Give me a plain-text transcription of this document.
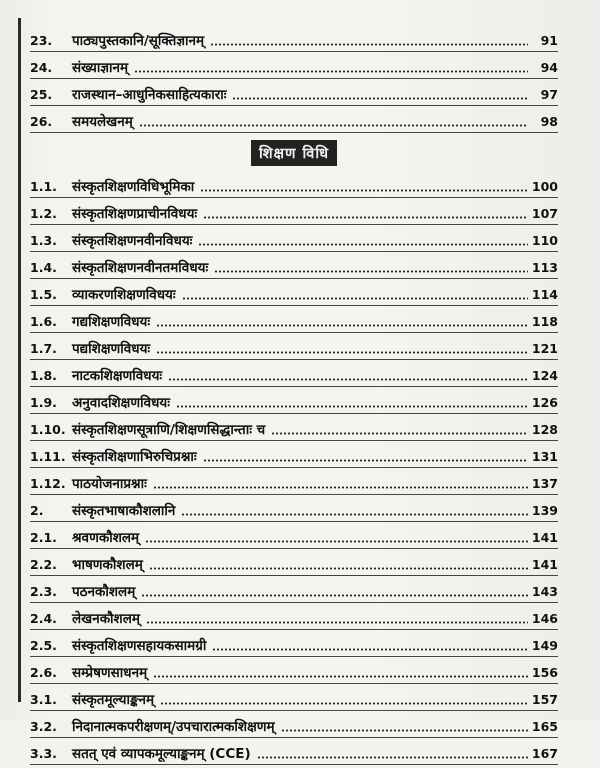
23.	पाठ्यपुस्तकानि/सूक्तिज्ञानम्	91
24.	संख्याज्ञानम्	94
25.	राजस्थान–आधुनिकसाहित्यकाराः	97
26.	समयलेखनम्	98
शिक्षण विधि
1.1.	संस्कृतशिक्षणविधिभूमिका	100
1.2.	संस्कृतशिक्षणप्राचीनविधयः	107
1.3.	संस्कृतशिक्षणनवीनविधयः	110
1.4.	संस्कृतशिक्षणनवीनतमविधयः	113
1.5.	व्याकरणशिक्षणविधयः	114
1.6.	गद्यशिक्षणविधयः	118
1.7.	पद्यशिक्षणविधयः	121
1.8.	नाटकशिक्षणविधयः	124
1.9.	अनुवादशिक्षणविधयः	126
1.10. संस्कृतशिक्षणसूत्राणि/शिक्षणसिद्धान्ताः च	128
1.11. संस्कृतशिक्षणाभिरुचिप्रश्नाः	131
1.12. पाठयोजनाप्रश्नाः	137
2.	संस्कृतभाषाकौशलानि	139
2.1.	श्रवणकौशलम्	141
2.2.	भाषणकौशलम्	141
2.3.	पठनकौशलम्	143
2.4.	लेखनकौशलम्	146
2.5.	संस्कृतशिक्षणसहायकसामग्री	149
2.6.	सम्प्रेषणसाधनम्	156
3.1.	संस्कृतमूल्याङ्कनम्	157
3.2.	निदानात्मकपरीक्षणम्/उपचारात्मकशिक्षणम्	165
3.3.	सतत् एवं व्यापकमूल्याङ्कनम् (CCE)	167
